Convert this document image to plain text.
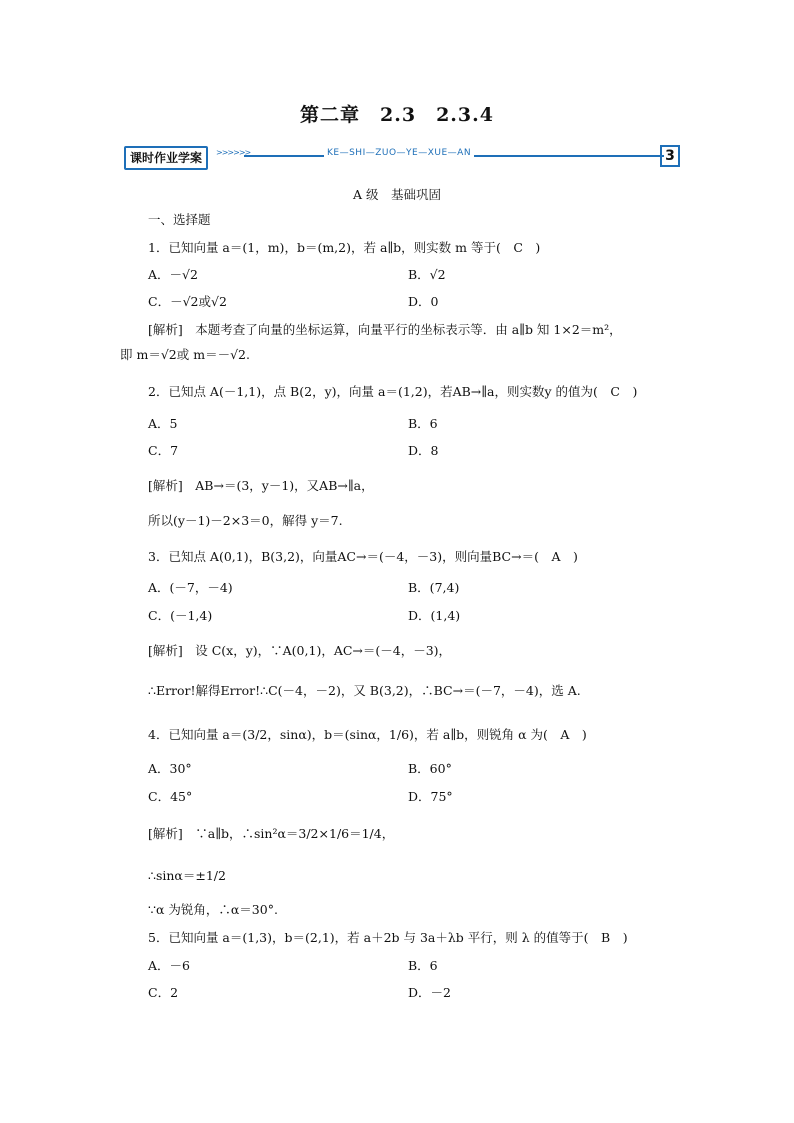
第二章　2.3　2.3.4
课时作业学案	>>>>>>	KE—SHI—ZUO—YE—XUE—AN	3
A 级　基础巩固
一、选择题
1．已知向量 a＝(1，m)，b＝(m,2)，若 a∥b，则实数 m 等于(　C　)
A．－√2	B．√2
C．－√2或√2	D．0
[解析]　本题考查了向量的坐标运算，向量平行的坐标表示等．由 a∥b 知 1×2＝m²，
即 m＝√2或 m＝－√2.
2．已知点 A(－1,1)，点 B(2，y)，向量 a＝(1,2)，若AB→∥a，则实数y 的值为(　C　)
A．5	B．6
C．7	D．8
[解析]　AB→＝(3，y－1)，又AB→∥a，
所以(y－1)－2×3＝0，解得 y＝7.
3．已知点 A(0,1)，B(3,2)，向量AC→＝(－4，－3)，则向量BC→＝(　A　)
A．(－7，－4)	B．(7,4)
C．(－1,4)	D．(1,4)
[解析]　设 C(x，y)，∵A(0,1)，AC→＝(－4，－3)，
∴Error!解得Error!∴C(－4，－2)，又 B(3,2)，∴BC→＝(－7，－4)，选 A.
4．已知向量 a＝(3/2，sinα)，b＝(sinα，1/6)，若 a∥b，则锐角 α 为(　A　)
A．30°	B．60°
C．45°	D．75°
[解析]　∵a∥b，∴sin²α＝3/2×1/6＝1/4，
∴sinα＝±1/2
∵α 为锐角，∴α＝30°.
5．已知向量 a＝(1,3)，b＝(2,1)，若 a＋2b 与 3a＋λb 平行，则 λ 的值等于(　B　)
A．－6	B．6
C．2	D．－2
